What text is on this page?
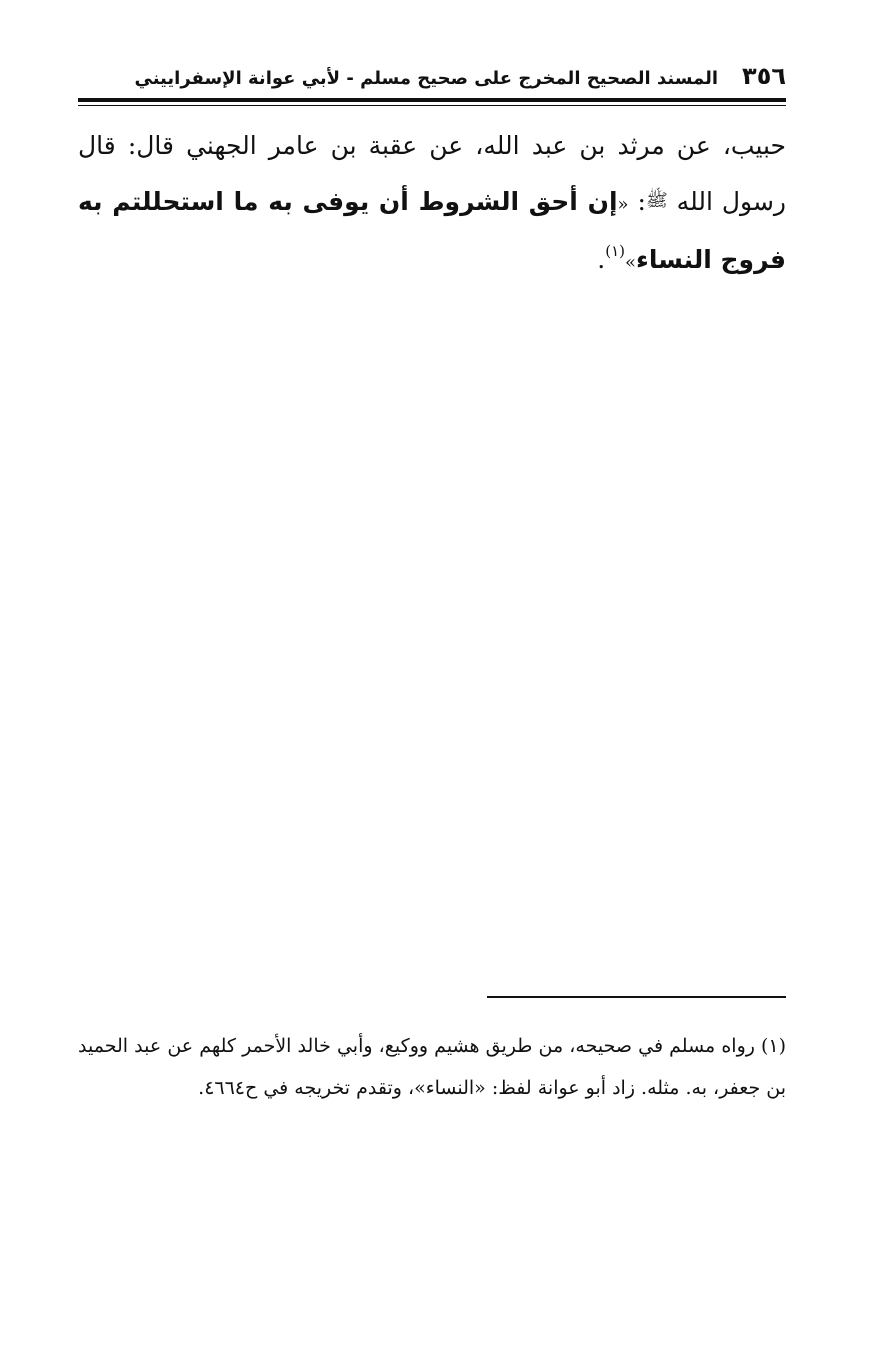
٣٥٦
المسند الصحيح المخرج على صحيح مسلم - لأبي عوانة الإسفراييني
حبيب، عن مرثد بن عبد الله، عن عقبة بن عامر الجهني قال: قال رسول الله ﷺ: «إن أحق الشروط أن يوفى به ما استحللتم به فروج النساء»$^{(١)}$.
(١)رواه مسلم في صحيحه، من طريق هشيم ووكيع، وأبي خالد الأحمر كلهم عن عبد الحميد بن جعفر، به. مثله. زاد أبو عوانة لفظ: «النساء»، وتقدم تخريجه في ح٤٦٦٤.
